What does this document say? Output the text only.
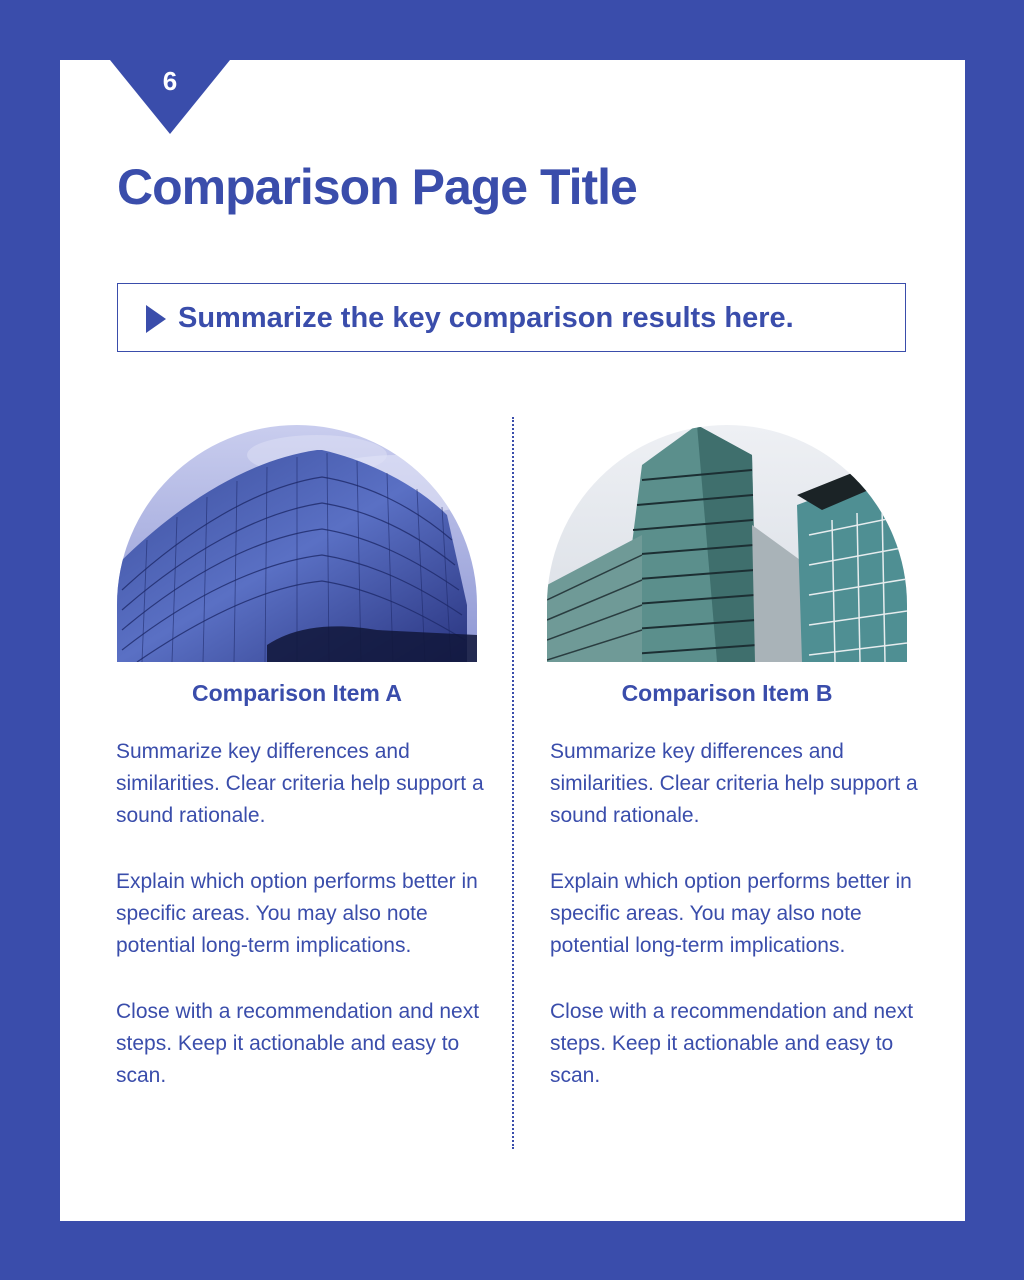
6
Comparison Page Title
Summarize the key comparison results here.
Comparison Item A	Comparison Item B

Summarize key differences and similarities. Clear criteria help support a sound rationale.

Explain which option performs better in specific areas. You may also note potential long-term implications.

Close with a recommendation and next steps. Keep it actionable and easy to scan.

Summarize key differences and similarities. Clear criteria help support a sound rationale.

Explain which option performs better in specific areas. You may also note potential long-term implications.

Close with a recommendation and next steps. Keep it actionable and easy to scan.
